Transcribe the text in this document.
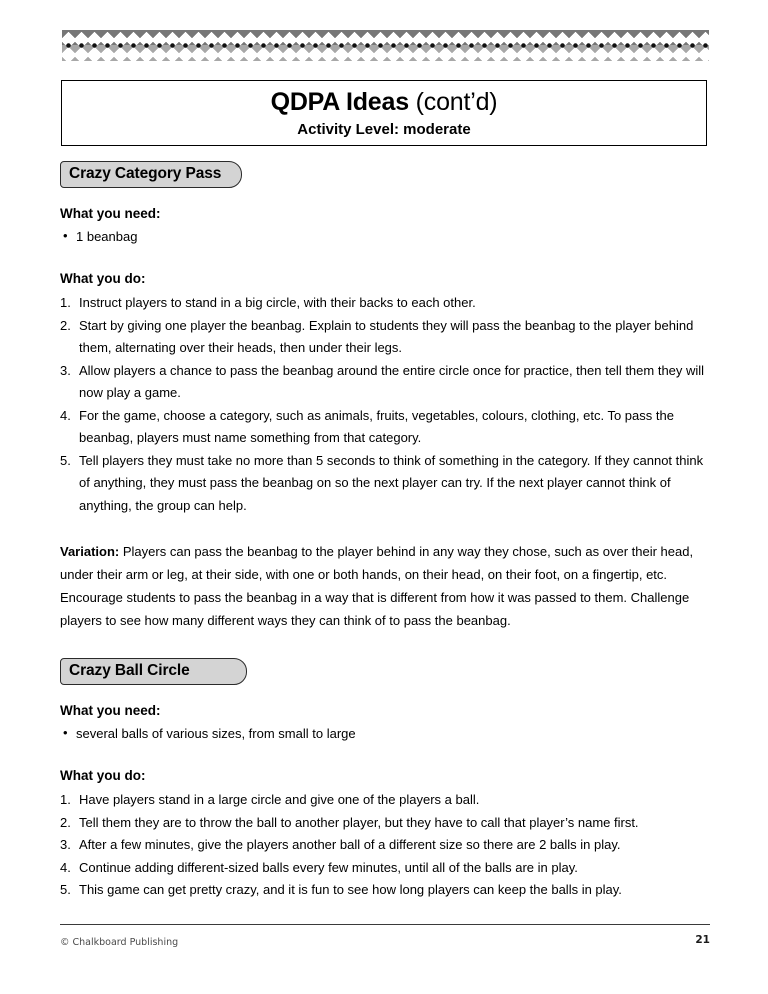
QDPA Ideas (cont’d)
Activity Level: moderate
Crazy Category Pass
What you need:
• 1 beanbag
What you do:
Instruct players to stand in a big circle, with their backs to each other.
Start by giving one player the beanbag. Explain to students they will pass the beanbag to the player behind them, alternating over their heads, then under their legs.
Allow players a chance to pass the beanbag around the entire circle once for practice, then tell them they will now play a game.
For the game, choose a category, such as animals, fruits, vegetables, colours, clothing, etc. To pass the beanbag, players must name something from that category.
Tell players they must take no more than 5 seconds to think of something in the category. If they cannot think of anything, they must pass the beanbag on so the next player can try. If the next player cannot think of anything, the group can help.

Variation: Players can pass the beanbag to the player behind in any way they chose, such as over their head, under their arm or leg, at their side, with one or both hands, on their head, on their foot, on a fingertip, etc. Encourage students to pass the beanbag in a way that is different from how it was passed to them. Challenge players to see how many different ways they can think of to pass the beanbag.

Crazy Ball Circle
What you need:
• several balls of various sizes, from small to large
What you do:
Have players stand in a large circle and give one of the players a ball.
Tell them they are to throw the ball to another player, but they have to call that player’s name first.
After a few minutes, give the players another ball of a different size so there are 2 balls in play.
Continue adding different-sized balls every few minutes, until all of the balls are in play.
This game can get pretty crazy, and it is fun to see how long players can keep the balls in play.
© Chalkboard Publishing	21
